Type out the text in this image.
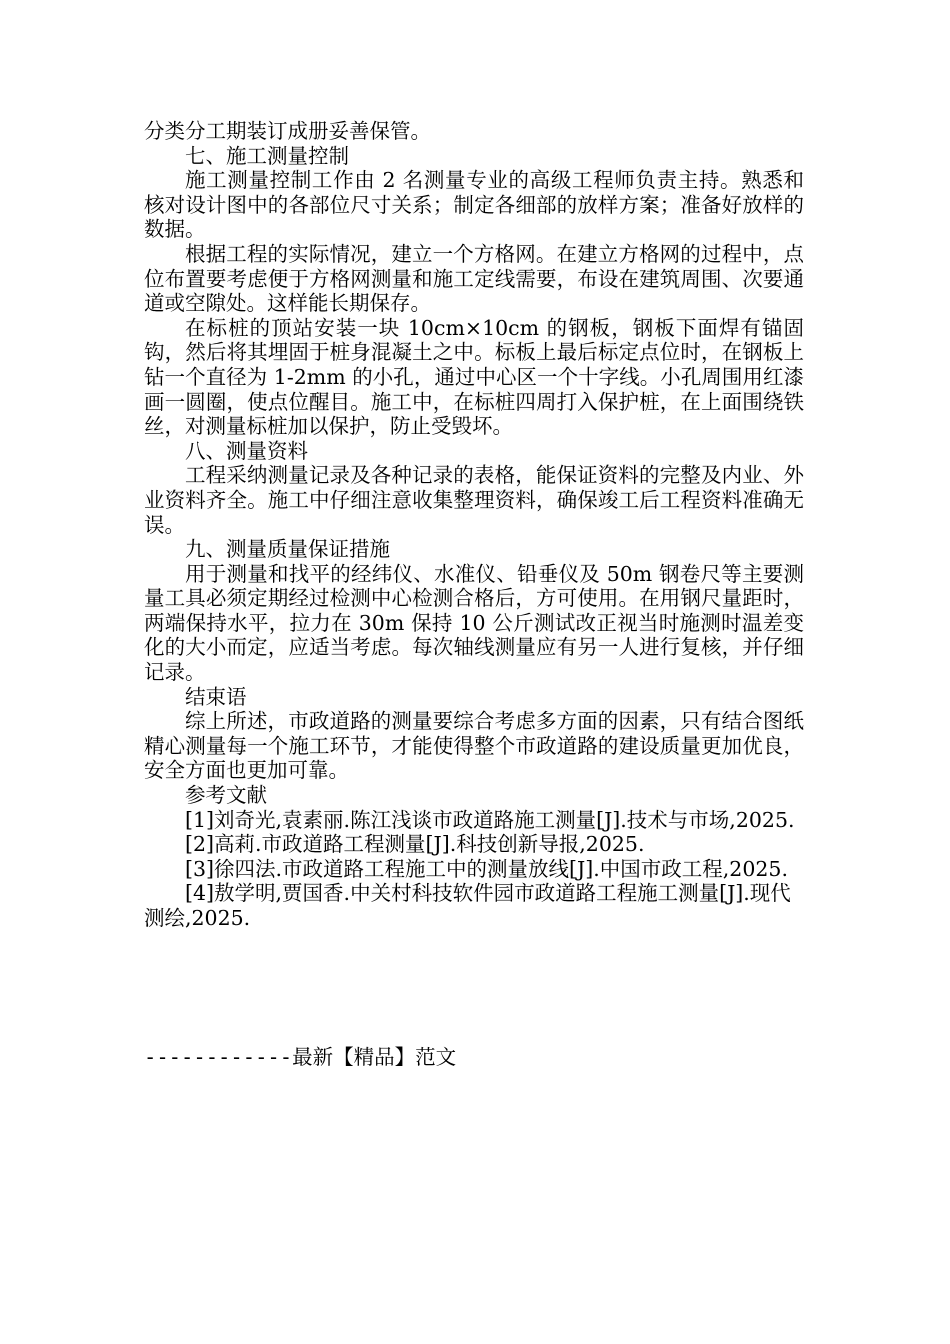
分类分工期装订成册妥善保管。

七、施工测量控制

施工测量控制工作由 2 名测量专业的高级工程师负责主持。熟悉和核对设计图中的各部位尺寸关系；制定各细部的放样方案；准备好放样的数据。

根据工程的实际情况，建立一个方格网。在建立方格网的过程中，点位布置要考虑便于方格网测量和施工定线需要，布设在建筑周围、次要通道或空隙处。这样能长期保存。

在标桩的顶站安装一块 10cm×10cm 的钢板，钢板下面焊有锚固钩，然后将其埋固于桩身混凝土之中。标板上最后标定点位时，在钢板上钻一个直径为 1-2mm 的小孔，通过中心区一个十字线。小孔周围用红漆画一圆圈，使点位醒目。施工中，在标桩四周打入保护桩，在上面围绕铁丝，对测量标桩加以保护，防止受毁坏。

八、测量资料

工程采纳测量记录及各种记录的表格，能保证资料的完整及内业、外业资料齐全。施工中仔细注意收集整理资料，确保竣工后工程资料准确无误。

九、测量质量保证措施

用于测量和找平的经纬仪、水准仪、铅垂仪及 50m 钢卷尺等主要测量工具必须定期经过检测中心检测合格后，方可使用。在用钢尺量距时，两端保持水平，拉力在 30m 保持 10 公斤测试改正视当时施测时温差变化的大小而定，应适当考虑。每次轴线测量应有另一人进行复核，并仔细记录。

结束语

综上所述，市政道路的测量要综合考虑多方面的因素，只有结合图纸精心测量每一个施工环节，才能使得整个市政道路的建设质量更加优良，安全方面也更加可靠。

参考文献

[1]刘奇光,袁素丽.陈江浅谈市政道路施工测量[J].技术与市场,2025.

[2]高莉.市政道路工程测量[J].科技创新导报,2025.

[3]徐四法.市政道路工程施工中的测量放线[J].中国市政工程,2025.

[4]敖学明,贾国香.中关村科技软件园市政道路工程施工测量[J].现代测绘,2025.

------------最新【精品】范文
